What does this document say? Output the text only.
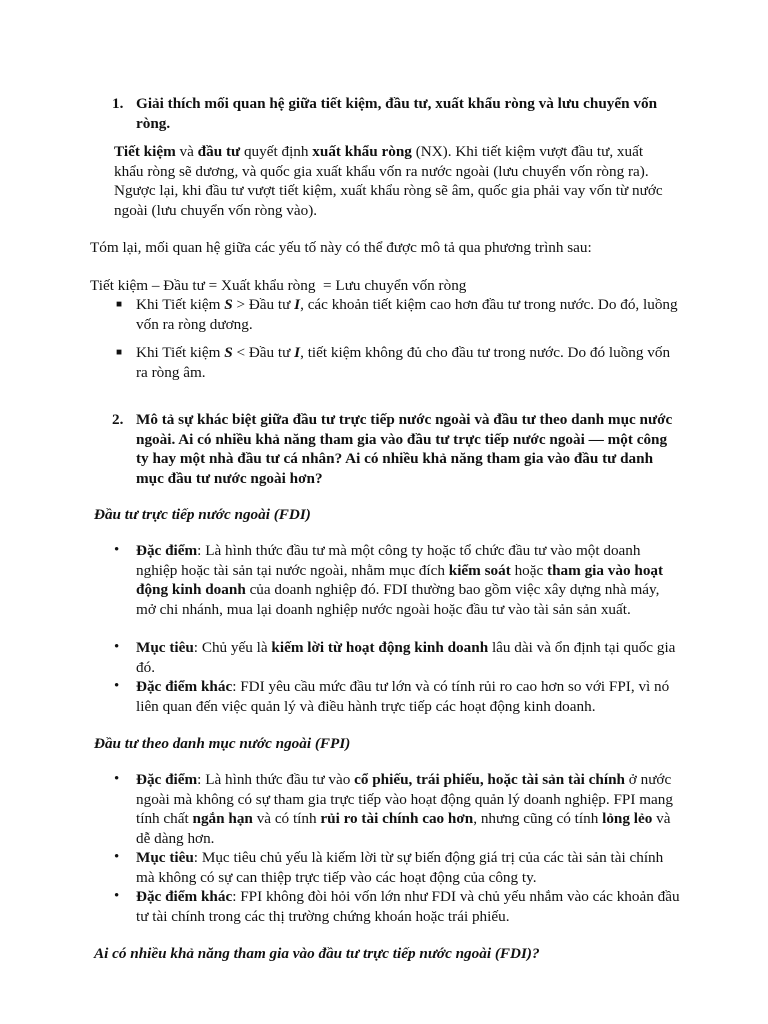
1. Giải thích mối quan hệ giữa tiết kiệm, đầu tư, xuất khẩu ròng và lưu chuyển vốn ròng.
Tiết kiệm và đầu tư quyết định xuất khẩu ròng (NX). Khi tiết kiệm vượt đầu tư, xuất khẩu ròng sẽ dương, và quốc gia xuất khẩu vốn ra nước ngoài (lưu chuyển vốn ròng ra). Ngược lại, khi đầu tư vượt tiết kiệm, xuất khẩu ròng sẽ âm, quốc gia phải vay vốn từ nước ngoài (lưu chuyển vốn ròng vào).
Tóm lại, mối quan hệ giữa các yếu tố này có thể được mô tả qua phương trình sau:
Tiết kiệm – Đầu tư = Xuất khẩu ròng  = Lưu chuyển vốn ròng
■ Khi Tiết kiệm S > Đầu tư I, các khoản tiết kiệm cao hơn đầu tư trong nước. Do đó, luồng vốn ra ròng dương.
■ Khi Tiết kiệm S < Đầu tư I, tiết kiệm không đủ cho đầu tư trong nước. Do đó luồng vốn ra ròng âm.
2. Mô tả sự khác biệt giữa đầu tư trực tiếp nước ngoài và đầu tư theo danh mục nước ngoài. Ai có nhiều khả năng tham gia vào đầu tư trực tiếp nước ngoài — một công ty hay một nhà đầu tư cá nhân? Ai có nhiều khả năng tham gia vào đầu tư danh mục đầu tư nước ngoài hơn?
Đầu tư trực tiếp nước ngoài (FDI)
• Đặc điểm: Là hình thức đầu tư mà một công ty hoặc tổ chức đầu tư vào một doanh nghiệp hoặc tài sản tại nước ngoài, nhằm mục đích kiểm soát hoặc tham gia vào hoạt động kinh doanh của doanh nghiệp đó. FDI thường bao gồm việc xây dựng nhà máy, mở chi nhánh, mua lại doanh nghiệp nước ngoài hoặc đầu tư vào tài sản sản xuất.
• Mục tiêu: Chủ yếu là kiếm lời từ hoạt động kinh doanh lâu dài và ổn định tại quốc gia đó.
• Đặc điểm khác: FDI yêu cầu mức đầu tư lớn và có tính rủi ro cao hơn so với FPI, vì nó liên quan đến việc quản lý và điều hành trực tiếp các hoạt động kinh doanh.
Đầu tư theo danh mục nước ngoài (FPI)
• Đặc điểm: Là hình thức đầu tư vào cổ phiếu, trái phiếu, hoặc tài sản tài chính ở nước ngoài mà không có sự tham gia trực tiếp vào hoạt động quản lý doanh nghiệp. FPI mang tính chất ngắn hạn và có tính rủi ro tài chính cao hơn, nhưng cũng có tính lỏng lẻo và dễ dàng hơn.
• Mục tiêu: Mục tiêu chủ yếu là kiếm lời từ sự biến động giá trị của các tài sản tài chính mà không có sự can thiệp trực tiếp vào các hoạt động của công ty.
• Đặc điểm khác: FPI không đòi hỏi vốn lớn như FDI và chủ yếu nhắm vào các khoản đầu tư tài chính trong các thị trường chứng khoán hoặc trái phiếu.
Ai có nhiều khả năng tham gia vào đầu tư trực tiếp nước ngoài (FDI)?
